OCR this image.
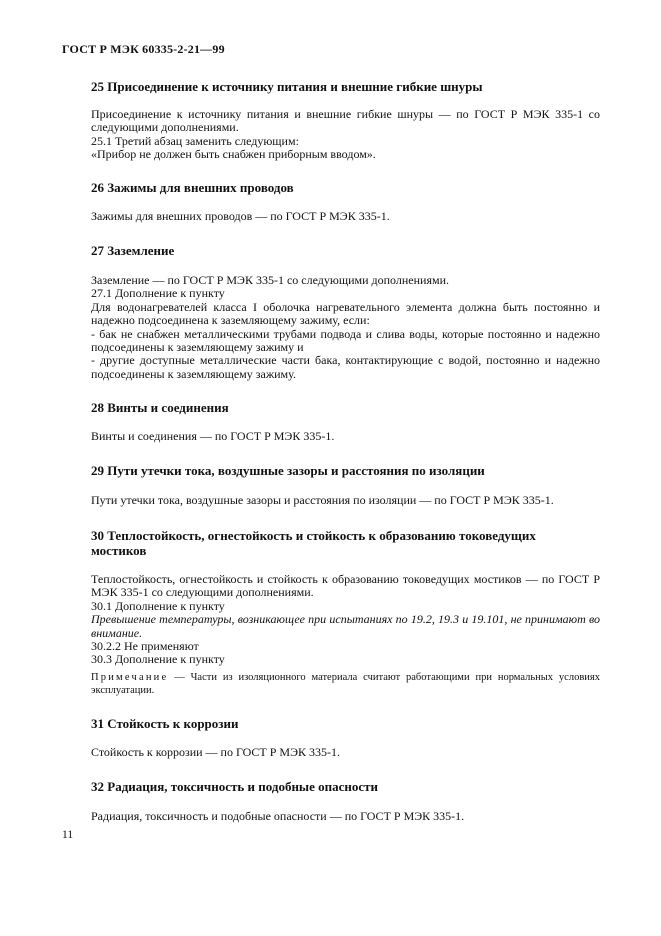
ГОСТ Р МЭК 60335-2-21—99
25 Присоединение к источнику питания и внешние гибкие шнуры
Присоединение к источнику питания и внешние гибкие шнуры — по ГОСТ Р МЭК 335-1 со следующими дополнениями.
25.1 Третий абзац заменить следующим:
«Прибор не должен быть снабжен приборным вводом».
26 Зажимы для внешних проводов
Зажимы для внешних проводов — по ГОСТ Р МЭК 335-1.
27 Заземление
Заземление — по ГОСТ Р МЭК 335-1 со следующими дополнениями.
27.1 Дополнение к пункту
Для водонагревателей класса I оболочка нагревательного элемента должна быть постоянно и надежно подсоединена к заземляющему зажиму, если:
- бак не снабжен металлическими трубами подвода и слива воды, которые постоянно и надежно подсоединены к заземляющему зажиму и
- другие доступные металлические части бака, контактирующие с водой, постоянно и надежно подсоединены к заземляющему зажиму.
28 Винты и соединения
Винты и соединения — по ГОСТ Р МЭК 335-1.
29 Пути утечки тока, воздушные зазоры и расстояния по изоляции
Пути утечки тока, воздушные зазоры и расстояния по изоляции — по ГОСТ Р МЭК 335-1.
30 Теплостойкость, огнестойкость и стойкость к образованию токоведущих
мостиков
Теплостойкость, огнестойкость и стойкость к образованию токоведущих мостиков — по ГОСТ Р МЭК 335-1 со следующими дополнениями.
30.1 Дополнение к пункту
Превышение температуры, возникающее при испытаниях по 19.2, 19.3 и 19.101, не принимают во внимание.
30.2.2 Не применяют
30.3 Дополнение к пункту
Примечание — Части из изоляционного материала считают работающими при нормальных условиях эксплуатации.
31 Стойкость к коррозии
Стойкость к коррозии — по ГОСТ Р МЭК 335-1.
32 Радиация, токсичность и подобные опасности
Радиация, токсичность и подобные опасности — по ГОСТ Р МЭК 335-1.
11
